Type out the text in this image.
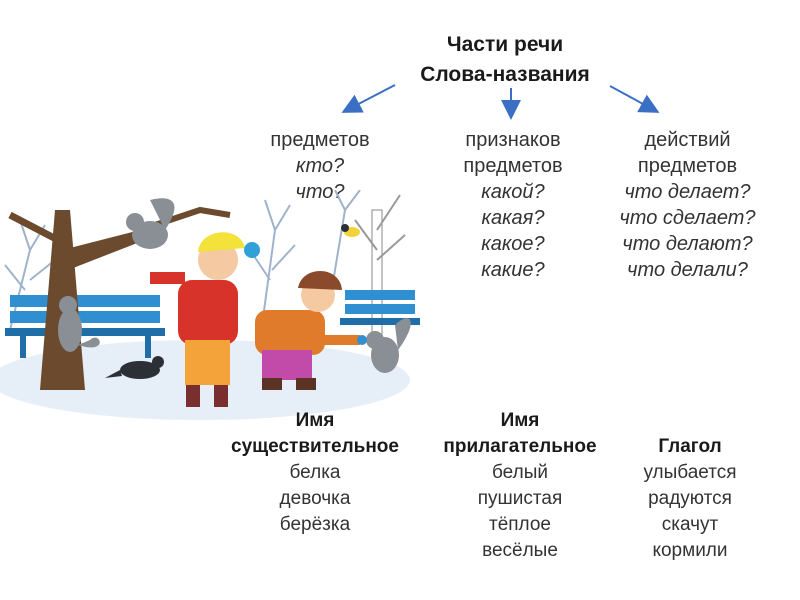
Части речи
Слова-названия
предметов
кто?
что?
признаков
предметов
какой?
какая?
какое?
какие?
действий
предметов
что делает?
что сделает?
что делают?
что делали?
Имя
существительное
белка
девочка
берёзка
Имя
прилагательное
белый
пушистая
тёплое
весёлые
Глагол
улыбается
радуются
скачут
кормили
